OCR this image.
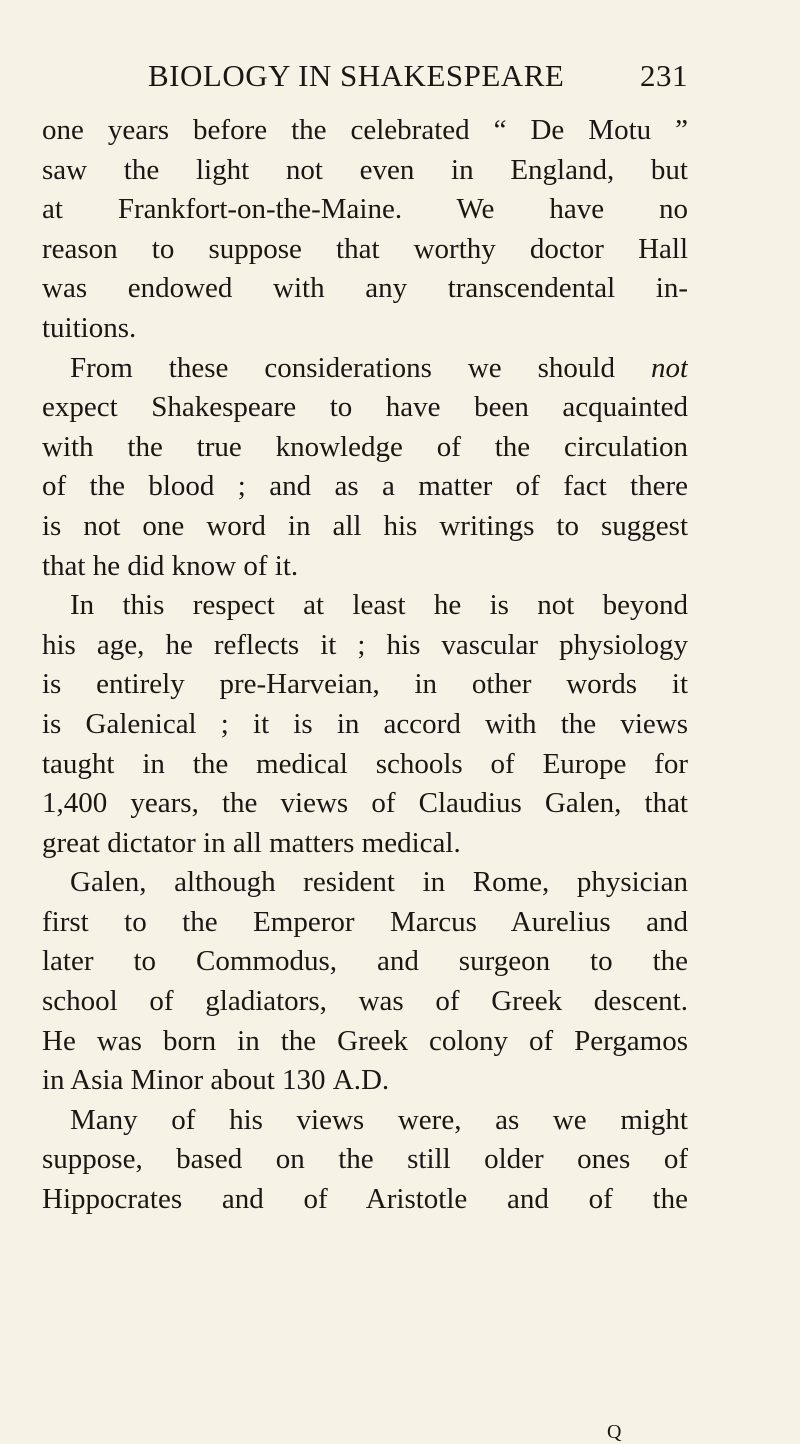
BIOLOGY IN SHAKESPEARE 231
one years before the celebrated “ De Motu ”
saw the light not even in England, but
at Frankfort-on-the-Maine. We have no
reason to suppose that worthy doctor Hall
was endowed with any transcendental in-
tuitions.
From these considerations we should not
expect Shakespeare to have been acquainted
with the true knowledge of the circulation
of the blood ; and as a matter of fact there
is not one word in all his writings to suggest
that he did know of it.
In this respect at least he is not beyond
his age, he reflects it ; his vascular physiology
is entirely pre-Harveian, in other words it
is Galenical ; it is in accord with the views
taught in the medical schools of Europe for
1,400 years, the views of Claudius Galen, that
great dictator in all matters medical.
Galen, although resident in Rome, physician
first to the Emperor Marcus Aurelius and
later to Commodus, and surgeon to the
school of gladiators, was of Greek descent.
He was born in the Greek colony of Pergamos
in Asia Minor about 130 A.D.
Many of his views were, as we might
suppose, based on the still older ones of
Hippocrates and of Aristotle and of the
Q
